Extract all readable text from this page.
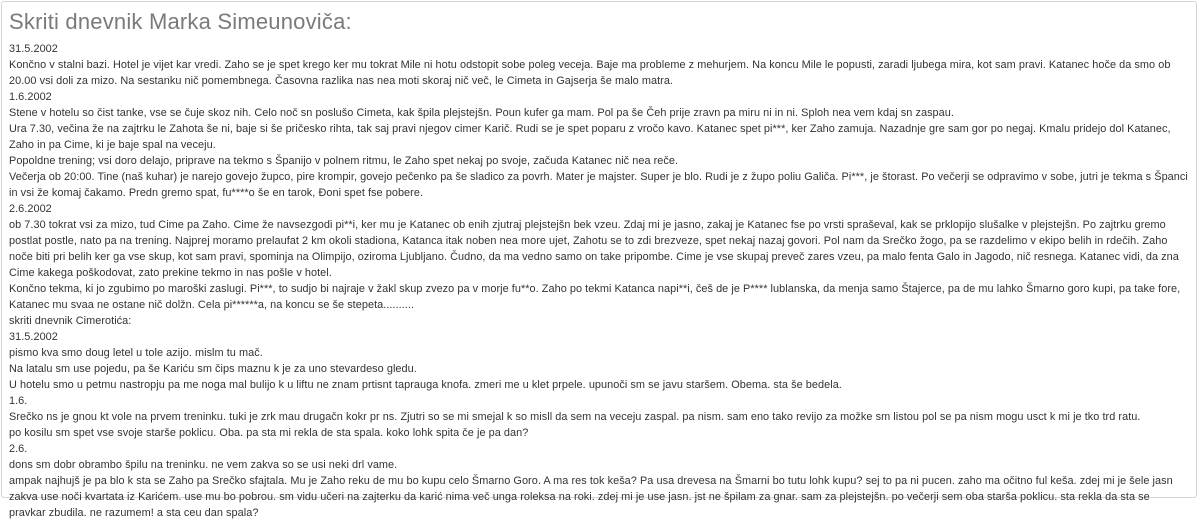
Skriti dnevnik Marka Simeunoviča:

31.5.2002

Končno v stalni bazi. Hotel je vijet kar vredi. Zaho se je spet krego ker mu tokrat Mile ni hotu odstopit sobe poleg veceja. Baje ma probleme z mehurjem. Na koncu Mile le popusti, zaradi ljubega mira, kot sam pravi. Katanec hoče da smo ob 20.00 vsi doli za mizo. Na sestanku nič pomembnega. Časovna razlika nas nea moti skoraj nič več, le Cimeta in Gajserja še malo matra.

1.6.2002

Stene v hotelu so čist tanke, vse se čuje skoz nih. Celo noč sn poslušo Cimeta, kak špila plejstejšn. Poun kufer ga mam. Pol pa še Čeh prije zravn pa miru ni in ni. Sploh nea vem kdaj sn zaspau.

Ura 7.30, večina že na zajtrku le Zahota še ni, baje si še pričesko rihta, tak saj pravi njegov cimer Karič. Rudi se je spet poparu z vročo kavo. Katanec spet pi***, ker Zaho zamuja. Nazadnje gre sam gor po negaj. Kmalu pridejo dol Katanec, Zaho in pa Cime, ki je baje spal na veceju.

Popoldne trening; vsi doro delajo, priprave na tekmo s Španijo v polnem ritmu, le Zaho spet nekaj po svoje, začuda Katanec nič nea reče.

Večerja ob 20:00. Tine (naš kuhar) je narejo govejo župco, pire krompir, govejo pečenko pa še sladico za povrh. Mater je majster. Super je blo. Rudi je z župo poliu Galiča. Pi***, je štorast. Po večerji se odpravimo v sobe, jutri je tekma s Španci in vsi že komaj čakamo. Predn gremo spat, fu****o še en tarok, Đoni spet fse pobere.

2.6.2002

ob 7.30 tokrat vsi za mizo, tud Cime pa Zaho. Cime že navsezgodi pi**i, ker mu je Katanec ob enih zjutraj plejstejšn bek vzeu. Zdaj mi je jasno, zakaj je Katanec fse po vrsti spraševal, kak se prklopijo slušalke v plejstejšn. Po zajtrku gremo postlat postle, nato pa na trening. Najprej moramo prelaufat 2 km okoli stadiona, Katanca itak noben nea more ujet, Zahotu se to zdi brezveze, spet nekaj nazaj govori. Pol nam da Srečko žogo, pa se razdelimo v ekipo belih in rdečih. Zaho noče biti pri belih ker ga vse skup, kot sam pravi, spominja na Olimpijo, oziroma Ljubljano. Čudno, da ma vedno samo on take pripombe. Cime je vse skupaj preveč zares vzeu, pa malo fenta Galo in Jagodo, nič resnega. Katanec vidi, da zna Cime kakega poškodovat, zato prekine tekmo in nas pošle v hotel.

Končno tekma, ki jo zgubimo po maroški zaslugi. Pi***, to sudjo bi najraje v žakl skup zvezo pa v morje fu**o. Zaho po tekmi Katanca napi**i, češ de je P**** lublanska, da menja samo Štajerce, pa de mu lahko Šmarno goro kupi, pa take fore, Katanec mu svaa ne ostane nič dolžn. Cela pi******a, na koncu se še stepeta..........

skriti dnevnik Cimerotića:

31.5.2002

pismo kva smo doug letel u tole azijo. mislm tu mač.

Na latalu sm use pojedu, pa še Kariću sm čips maznu k je za uno stevardeso gledu.

U hotelu smo u petmu nastropju pa me noga mal bulijo k u liftu ne znam prtisnt taprauga knofa. zmeri me u klet prpele. upunoči sm se javu staršem. Obema. sta še bedela.

1.6.

Srečko ns je gnou kt vole na prvem treninku. tuki je zrk mau drugačn kokr pr ns. Zjutri so se mi smejal k so misll da sem na veceju zaspal. pa nism. sam eno tako revijo za možke sm listou pol se pa nism mogu usct k mi je tko trd ratu.

po kosilu sm spet vse svoje starše poklicu. Oba. pa sta mi rekla de sta spala. koko lohk spita če je pa dan?

2.6.

dons sm dobr obrambo špilu na treninku. ne vem zakva so se usi neki drl vame.

ampak najhujš je pa blo k sta se Zaho pa Srečko sfajtala. Mu je Zaho reku de mu bo kupu celo Šmarno Goro. A ma res tok keša? Pa usa drevesa na Šmarni bo tutu lohk kupu? sej to pa ni pucen. zaho ma očitno ful keša. zdej mi je šele jasn zakva use noči kvartata iz Karićem. use mu bo pobrou. sm vidu učeri na zajterku da karić nima več unga roleksa na roki. zdej mi je use jasn. jst ne špilam za gnar. sam za plejstejšn. po večerji sem oba starša poklicu. sta rekla da sta se pravkar zbudila. ne razumem! a sta ceu dan spala?
